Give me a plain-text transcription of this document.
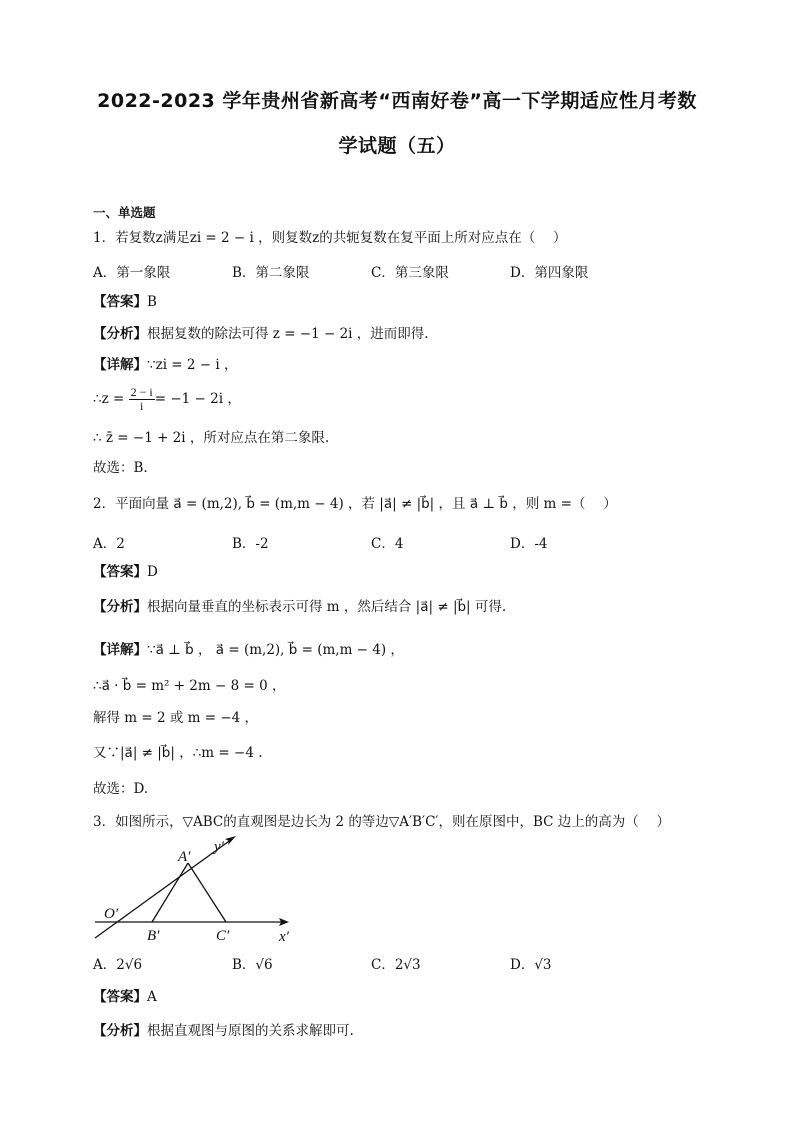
2022-2023 学年贵州省新高考“西南好卷”高一下学期适应性月考数
学试题（五）
一、单选题
1．若复数z满足zi = 2 − i ，则复数z的共轭复数在复平面上所对应点在（　 ）
A．第一象限	B．第二象限	C．第三象限	D．第四象限
【答案】B
【分析】根据复数的除法可得 z = −1 − 2i ，进而即得.
【详解】∵zi = 2 − i ，
∴z = $\frac{2 - i}{i} = -1 - 2i$ ，
∴ z̄ = −1 + 2i ，所对应点在第二象限.
故选：B.
2．平面向量 a⃗ = (m,2), b⃗ = (m,m − 4) ，若 |a⃗| ≠ |b⃗| ，且 a⃗ ⊥ b⃗ ，则 m =（　 ）
A．2	B．-2	C．4	D．-4
【答案】D
【分析】根据向量垂直的坐标表示可得 m ，然后结合 |a⃗| ≠ |b⃗| 可得.
【详解】∵a⃗ ⊥ b⃗ ， a⃗ = (m,2), b⃗ = (m,m − 4) ，
∴a⃗ · b⃗ = m² + 2m − 8 = 0 ，
解得 m = 2 或 m = −4 ，
又∵|a⃗| ≠ |b⃗| ，∴m = −4 .
故选：D.
3．如图所示，▽ABC的直观图是边长为 2 的等边▽A′B′C′，则在原图中，BC 边上的高为（　 ）
O′
A′
B′	C′	x′
y′
A．2√6	B．√6	C．2√3	D．√3
【答案】A
【分析】根据直观图与原图的关系求解即可.
